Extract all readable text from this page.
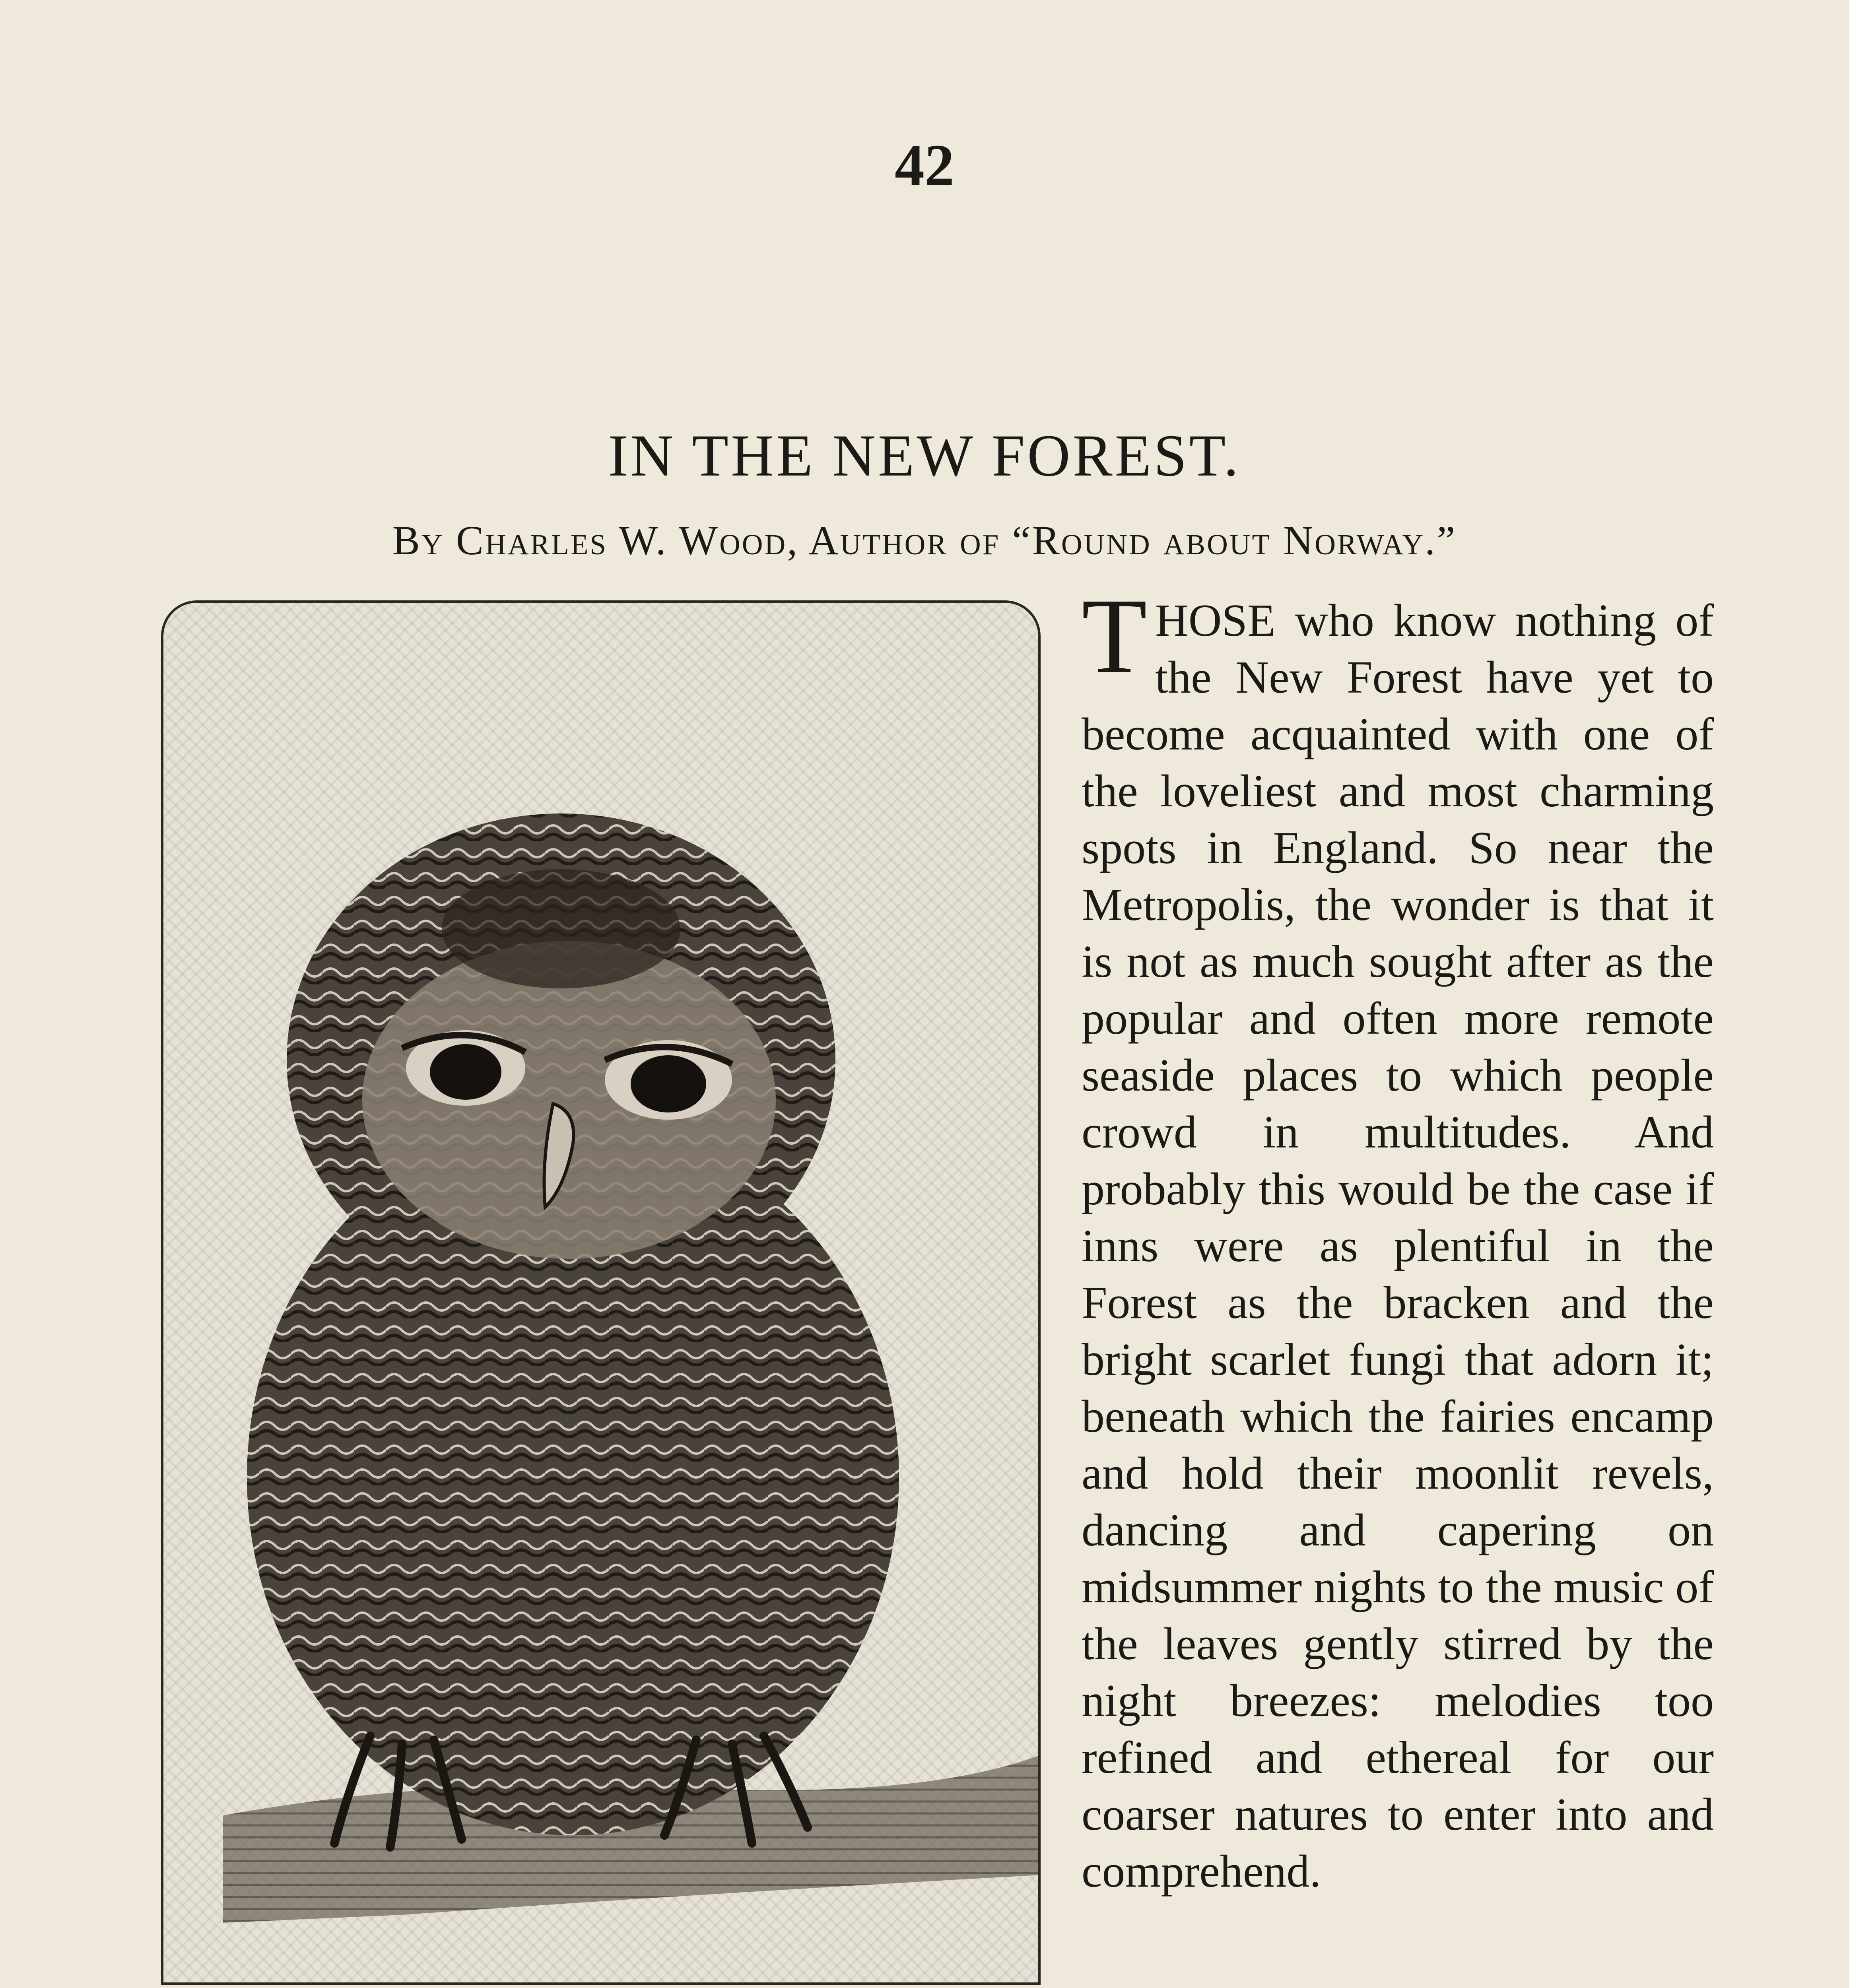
42
IN THE NEW FOREST.
By Charles W. Wood, Author of “Round about Norway.”
T HOSE who know nothing of the New Forest have yet to become acquainted with one of the loveliest and most charming spots in England. So near the Metropolis, the wonder is that it is not as much sought after as the popular and often more remote seaside places to which people crowd in multitudes. And probably this would be the case if inns were as plentiful in the Forest as the bracken and the bright scarlet fungi that adorn it; beneath which the fairies encamp and hold their moonlit revels, dancing and capering on midsummer nights to the music of the leaves gently stirred by the night breezes: melodies too refined and ethereal for our coarser natures to enter into and comprehend.
